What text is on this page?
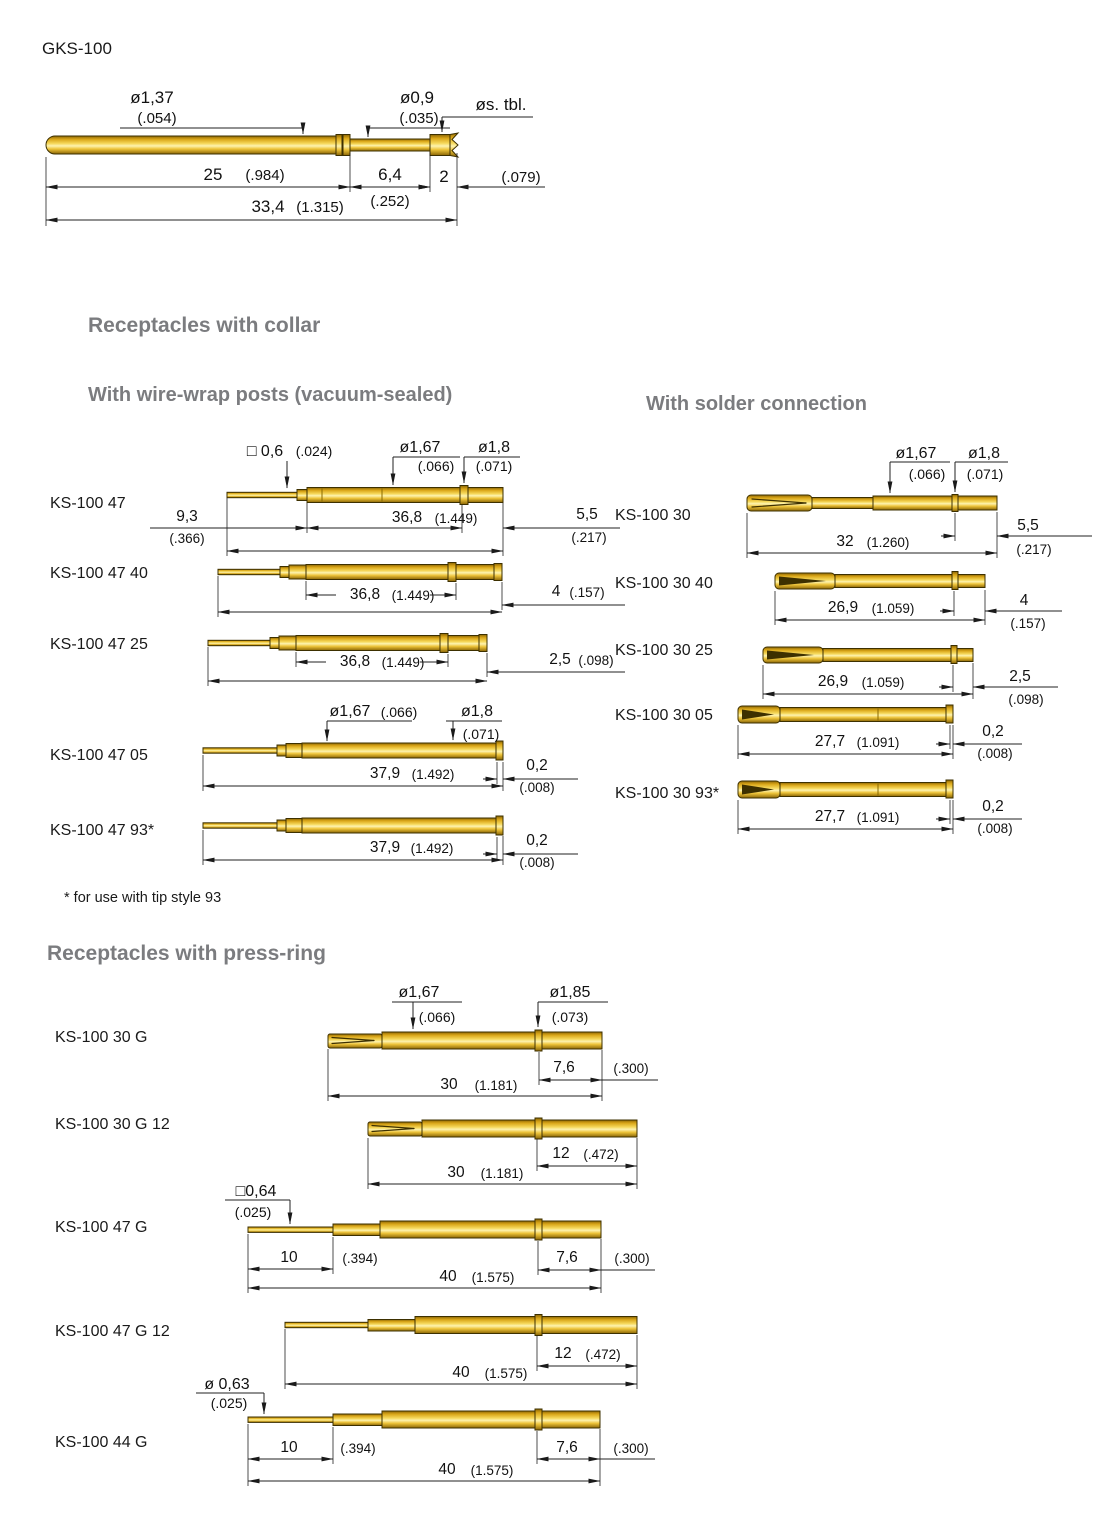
GKS-100
Receptacles with collar
With wire-wrap posts (vacuum-sealed)	With solder connection
Receptacles with press-ring
* for use with tip style 93
KS-100 47
KS-100 47 40
KS-100 47 25
KS-100 47 05
KS-100 47 93*
KS-100 30
KS-100 30 40
KS-100 30 25
KS-100 30 05
KS-100 30 93*
KS-100 30 G
KS-100 30 G 12
KS-100 47 G
KS-100 47 G 12
KS-100 44 G
ø1,37
(.054)
ø0,9
(.035)
øs. tbl.
25 (.984)	6,4
(.252)
2	(.079)
33,4 (1.315)
□ 0,6 (.024)	ø1,67
(.066)
ø1,8
(.071)
9,3
(.366)
36,8 (1.449)	5,5
(.217)
36,8 (1.449)	4 (.157)
36,8 (1.449)	2,5 (.098)
ø1,67 (.066)	ø1,8
(.071)
37,9 (1.492)
0,2
(.008)
37,9 (1.492)	0,2
(.008)
ø1,67
(.066)
ø1,8
(.071)
32 (1.260)
5,5
(.217)
26,9 (1.059)	4
(.157)
26,9 (1.059)	2,5
(.098)
27,7 (1.091)
0,2
(.008)
27,7 (1.091)
0,2
(.008)
ø1,67
(.066)
ø1,85
(.073)
7,6	(.300)
30 (1.181)
12 (.472)
30 (1.181)
□0,64
(.025)
10	(.394)	7,6	(.300)
40 (1.575)
12 (.472)
40 (1.575)
ø 0,63
(.025)
10	(.394)	7,6	(.300)
40 (1.575)
